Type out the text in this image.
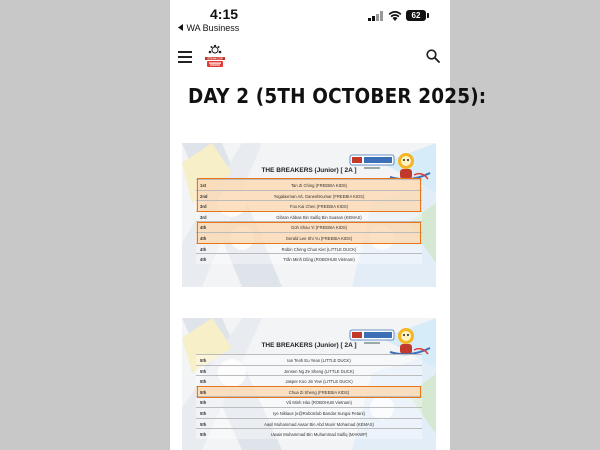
4:15
WA Business
62
STEAM CUP
DAY 2 (5TH OCTOBER 2025):
THE BREAKERS (Junior) [ 2A ]
1st	Tan Zi Ching (FREEBIA KIDS)
2nd	Yogalaxman A/L GaneshKumar (FREEBIA KIDS)
3rd	Foo Kai Chen (FREEBIA KIDS)
3rd	Gibran Abbas Bin Saifiq Bin Suasan (KEMAS)
4th	Goh Shau Yi (FREEBIA KIDS)
4th	Gerald Lee Shi Yu (FREEBIA KIDS)
4th	Robin Cheng Chun Kiet (LITTLE DUCK)
4th	Trần Minh Dũng (ROBOHUB Vietnam)
THE BREAKERS (Junior) [ 2A ]
5th	Ian Teoh Eu Yean (LITTLE DUCK)
5th	Jensen Ng Ze Sheng (LITTLE DUCK)
5th	Jasper Koo Jin Yew (LITTLE DUCK)
5th	Chua Zi Sheng (FREEBIA KIDS)
5th	Vũ Minh Hào (ROBOHUB Vietnam)
5th	Iye Niklaus (e@Robotclub Bandar Sungai Petani)
5th	Aasil Muhammad Aasar Bin Abd Munir Mohamad (KEMAS)
5th	Uwais Muhammad Bin Muhammad Saifiq (MAKWP)
